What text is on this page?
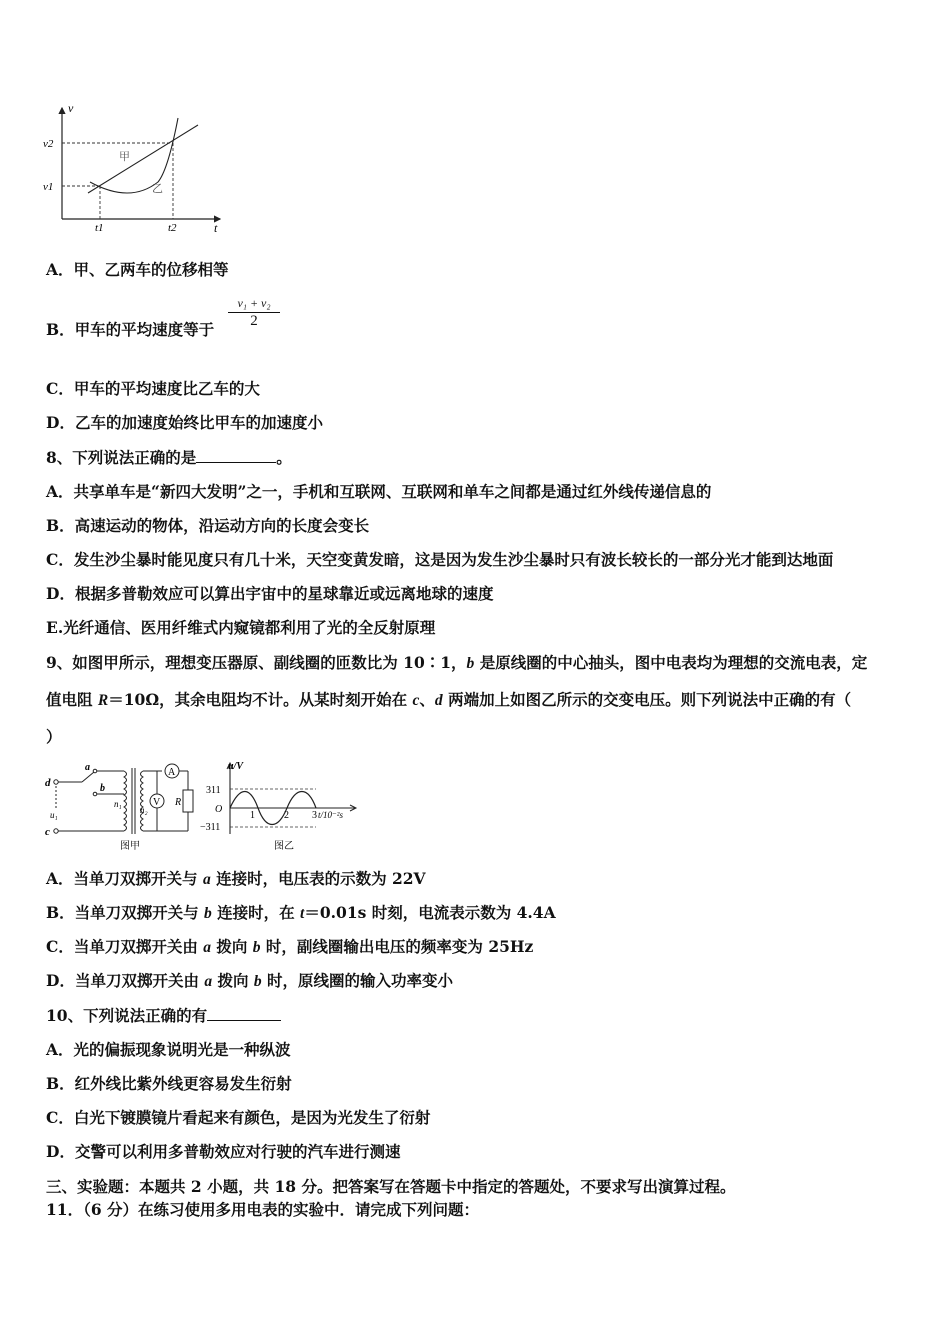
v
t
v2
v1
t1	t2
甲
乙
A．甲、乙两车的位移相等
B．甲车的平均速度等于
v₁ + v₂
2
C．甲车的平均速度比乙车的大
D．乙车的加速度始终比甲车的加速度小
8、下列说法正确的是	。
A．共享单车是“新四大发明”之一，手机和互联网、互联网和单车之间都是通过红外线传递信息的
B．高速运动的物体，沿运动方向的长度会变长
C．发生沙尘暴时能见度只有几十米，天空变黄发暗，这是因为发生沙尘暴时只有波长较长的一部分光才能到达地面
D．根据多普勒效应可以算出宇宙中的星球靠近或远离地球的速度
E.光纤通信、医用纤维式内窥镜都利用了光的全反射原理
9、如图甲所示，理想变压器原、副线圈的匝数比为 10∶1，b 是原线圈的中心抽头，图中电表均为理想的交流电表，定
值电阻 R＝10Ω，其余电阻均不计。从某时刻开始在 c、d 两端加上如图乙所示的交变电压。则下列说法中正确的有（
）
d
c
a
b
u₁
n₁
n₂
A
V R
图甲
u/V
311
O
−311
1	2 3 t/10⁻²s
图乙
A．当单刀双掷开关与 a 连接时，电压表的示数为 22V
B．当单刀双掷开关与 b 连接时，在 t＝0.01s 时刻，电流表示数为 4.4A
C．当单刀双掷开关由 a 拨向 b 时，副线圈输出电压的频率变为 25Hz
D．当单刀双掷开关由 a 拨向 b 时，原线圈的输入功率变小
10、下列说法正确的有
A．光的偏振现象说明光是一种纵波
B．红外线比紫外线更容易发生衍射
C．白光下镀膜镜片看起来有颜色，是因为光发生了衍射
D．交警可以利用多普勒效应对行驶的汽车进行测速
三、实验题：本题共 2 小题，共 18 分。把答案写在答题卡中指定的答题处，不要求写出演算过程。
11．（6 分）在练习使用多用电表的实验中．请完成下列问题：
